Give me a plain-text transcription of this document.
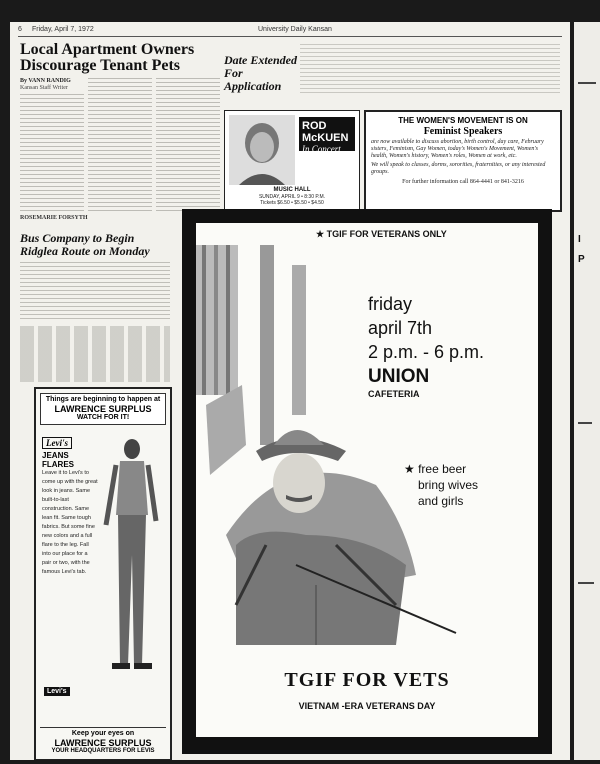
6 Friday, April 7, 1972	University Daily Kansan
Local Apartment Owners Discourage Tenant Pets
By VANN RANDIG
Kansan Staff Writer
ROSEMARIE FORSYTH
Date Extended For Application
ROD McKUEN
In Concert
MUSIC HALL
SUNDAY, APRIL 9 • 8:30 P.M.
Tickets $6.50 • $5.50 • $4.50
THE WOMEN'S MOVEMENT IS ON
Feminist Speakers
are now available to discuss abortion, birth control, day care, February sisters, Feminism, Gay Women, today's Women's Movement, Women's health, Women's history, Women's roles, Women at work, etc.
We will speak to classes, dorms, sororities, fraternities, or any interested groups.
For further information call 864-4441 or 841-3216
Bus Company to Begin Ridglea Route on Monday
Things are beginning to happen at
LAWRENCE SURPLUS
WATCH FOR IT!
Levi's
JEANS
FLARES
Leave it to Levi's to come up with the great look in jeans. Same built-to-last construction. Same lean fit. Same tough fabrics. But some fine new colors and a full flare to the leg. Fall into our place for a pair or two, with the famous Levi's tab.
Levi's
Keep your eyes on
LAWRENCE SURPLUS
YOUR HEADQUARTERS FOR LEVIS
★ TGIF FOR VETERANS ONLY
friday
april 7th
2 p.m. - 6 p.m.
UNION
CAFETERIA
★ free beer
bring wives
and girls
TGIF FOR VETS
VIETNAM -ERA VETERANS DAY
I
P
